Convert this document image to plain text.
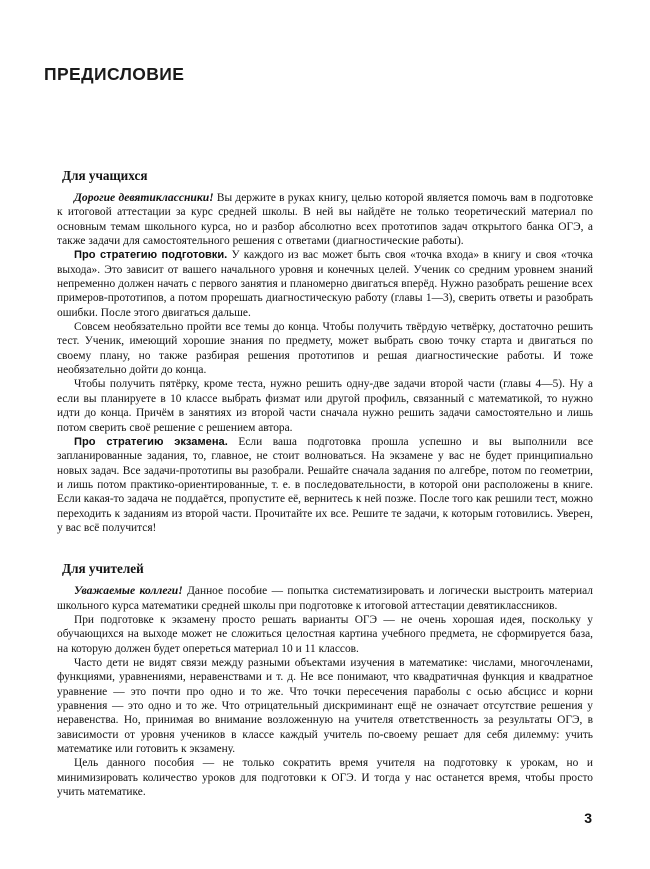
ПРЕДИСЛОВИЕ
Для учащихся

Дорогие девятиклассники! Вы держите в руках книгу, целью которой является помочь вам в подготовке к итоговой аттестации за курс средней школы. В ней вы найдёте не только теоретический материал по основным темам школьного курса, но и разбор абсолютно всех прототипов задач открытого банка ОГЭ, а также задачи для самостоятельного решения с ответами (диагностические работы).

Про стратегию подготовки. У каждого из вас может быть своя «точка входа» в книгу и своя «точка выхода». Это зависит от вашего начального уровня и конечных целей. Ученик со средним уровнем знаний непременно должен начать с первого занятия и планомерно двигаться вперёд. Нужно разобрать решение всех примеров-прототипов, а потом прорешать диагностическую работу (главы 1—3), сверить ответы и разобрать ошибки. После этого двигаться дальше.

Совсем необязательно пройти все темы до конца. Чтобы получить твёрдую четвёрку, достаточно решить тест. Ученик, имеющий хорошие знания по предмету, может выбрать свою точку старта и двигаться по своему плану, но также разбирая решения прототипов и решая диагностические работы. И тоже необязательно дойти до конца.

Чтобы получить пятёрку, кроме теста, нужно решить одну-две задачи второй части (главы 4—5). Ну а если вы планируете в 10 классе выбрать физмат или другой профиль, связанный с математикой, то нужно идти до конца. Причём в занятиях из второй части сначала нужно решить задачи самостоятельно и лишь потом сверить своё решение с решением автора.

Про стратегию экзамена. Если ваша подготовка прошла успешно и вы выполнили все запланированные задания, то, главное, не стоит волноваться. На экзамене у вас не будет принципиально новых задач. Все задачи-прототипы вы разобрали. Решайте сначала задания по алгебре, потом по геометрии, и лишь потом практико-ориентированные, т. е. в последовательности, в которой они расположены в книге. Если какая-то задача не поддаётся, пропустите её, вернитесь к ней позже. После того как решили тест, можно переходить к заданиям из второй части. Прочитайте их все. Решите те задачи, к которым готовились. Уверен, у вас всё получится!

Для учителей

Уважаемые коллеги! Данное пособие — попытка систематизировать и логически выстроить материал школьного курса математики средней школы при подготовке к итоговой аттестации девятиклассников.

При подготовке к экзамену просто решать варианты ОГЭ — не очень хорошая идея, поскольку у обучающихся на выходе может не сложиться целостная картина учебного предмета, не сформируется база, на которую должен будет опереться материал 10 и 11 классов.

Часто дети не видят связи между разными объектами изучения в математике: числами, многочленами, функциями, уравнениями, неравенствами и т. д. Не все понимают, что квадратичная функция и квадратное уравнение — это почти про одно и то же. Что точки пересечения параболы с осью абсцисс и корни уравнения — это одно и то же. Что отрицательный дискриминант ещё не означает отсутствие решения у неравенства. Но, принимая во внимание возложенную на учителя ответственность за результаты ОГЭ, в зависимости от уровня учеников в классе каждый учитель по-своему решает для себя дилемму: учить математике или готовить к экзамену.

Цель данного пособия — не только сократить время учителя на подготовку к урокам, но и минимизировать количество уроков для подготовки к ОГЭ. И тогда у нас останется время, чтобы просто учить математике.

3
